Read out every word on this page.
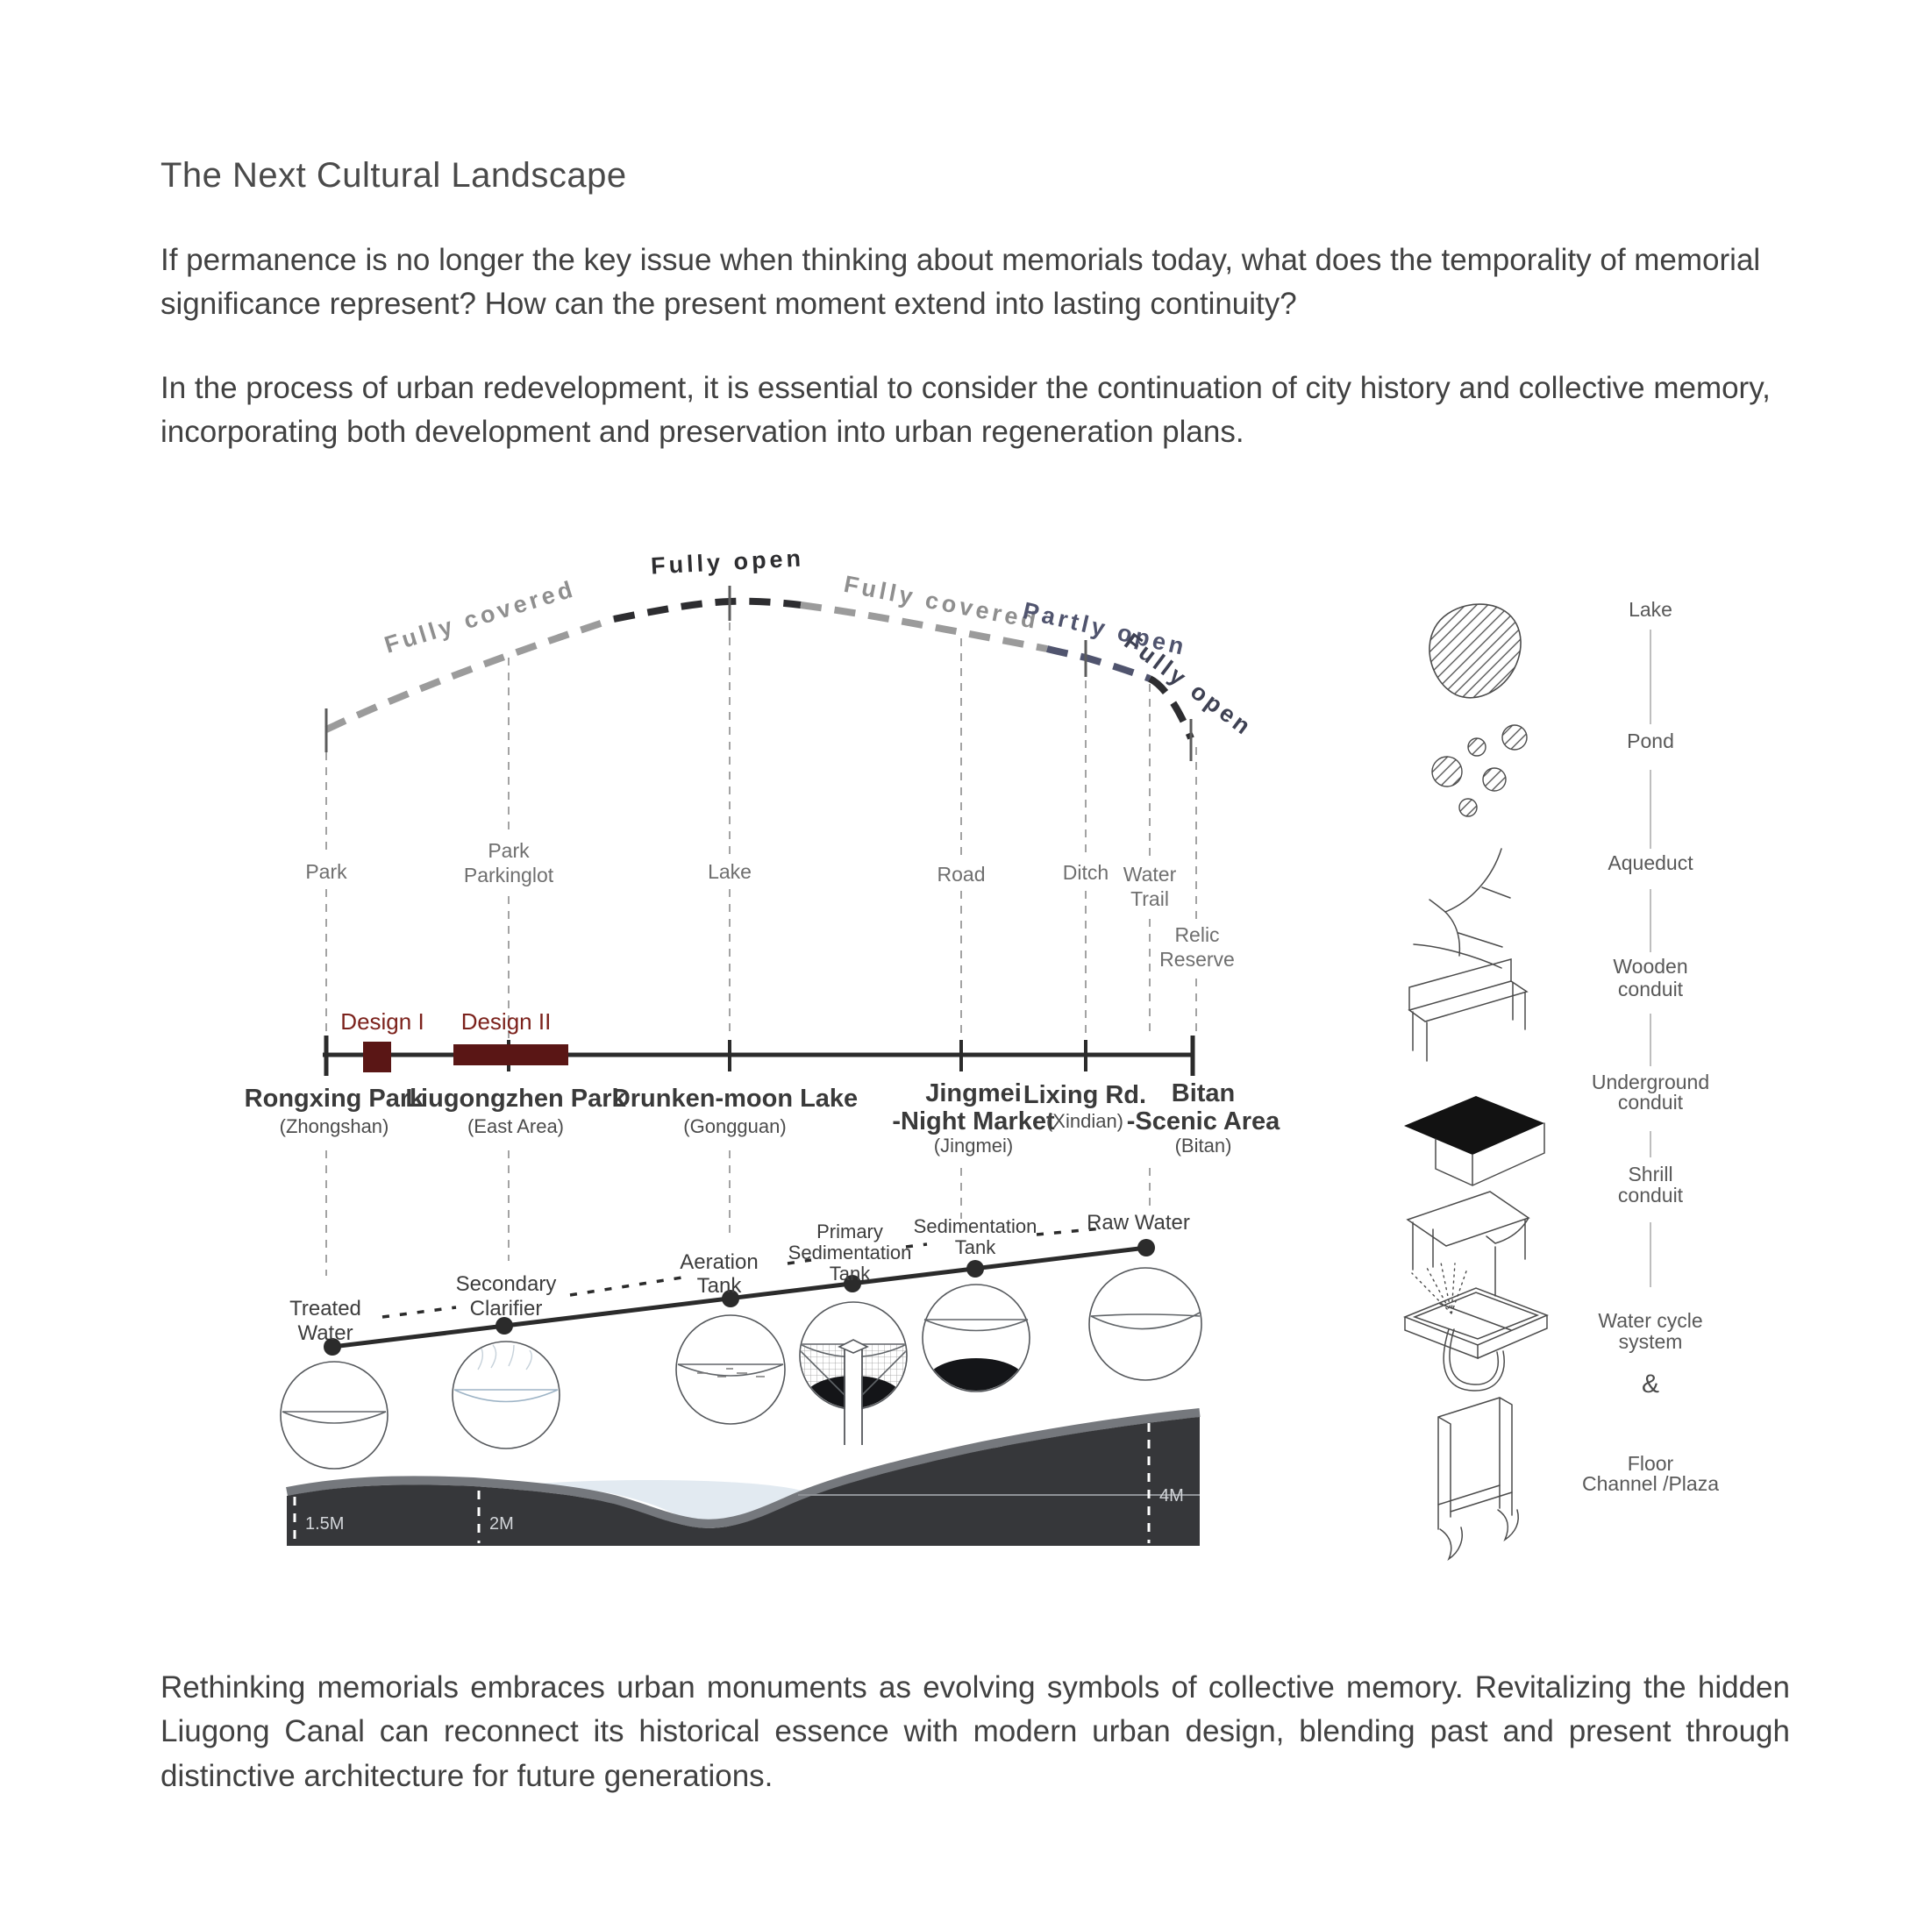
The Next Cultural Landscape
If permanence is no longer the key issue when thinking about memorials today, what does the temporality of memorial significance represent? How can the present moment extend into lasting continuity?
In the process of urban redevelopment, it is essential to consider the continuation of city history and collective memory, incorporating both development and preservation into urban regeneration plans.
Rethinking memorials embraces urban monuments as evolving symbols of collective memory. Revitalizing the hidden Liugong Canal can reconnect its historical essence with modern urban design, blending past and present through distinctive architecture for future generations.
Fully covered
Fully open
Fully covered
Partly open
Fully open
Park
Park
Parkinglot	Lake	Road	Ditch Water
Trail
Relic
Reserve
Design I Design II
Rongxing Park
(Zhongshan)
Liugongzhen Park
(East Area)
Drunken-moon Lake
(Gongguan)
Jingmei
-Night Market
(Jingmei)
Lixing Rd.
(Xindian)
Bitan
-Scenic Area
(Bitan)
Treated
Water
Secondary
Clarifier
Aeration
Tank
Primary
Sedimentation
Tank
Sedimentation
Tank
Raw Water
1.5M	2M
4M
Lake
Pond
Aqueduct
Wooden
conduit
Underground
conduit
Shrill
conduit
Water cycle
system
&
Floor
Channel /Plaza
